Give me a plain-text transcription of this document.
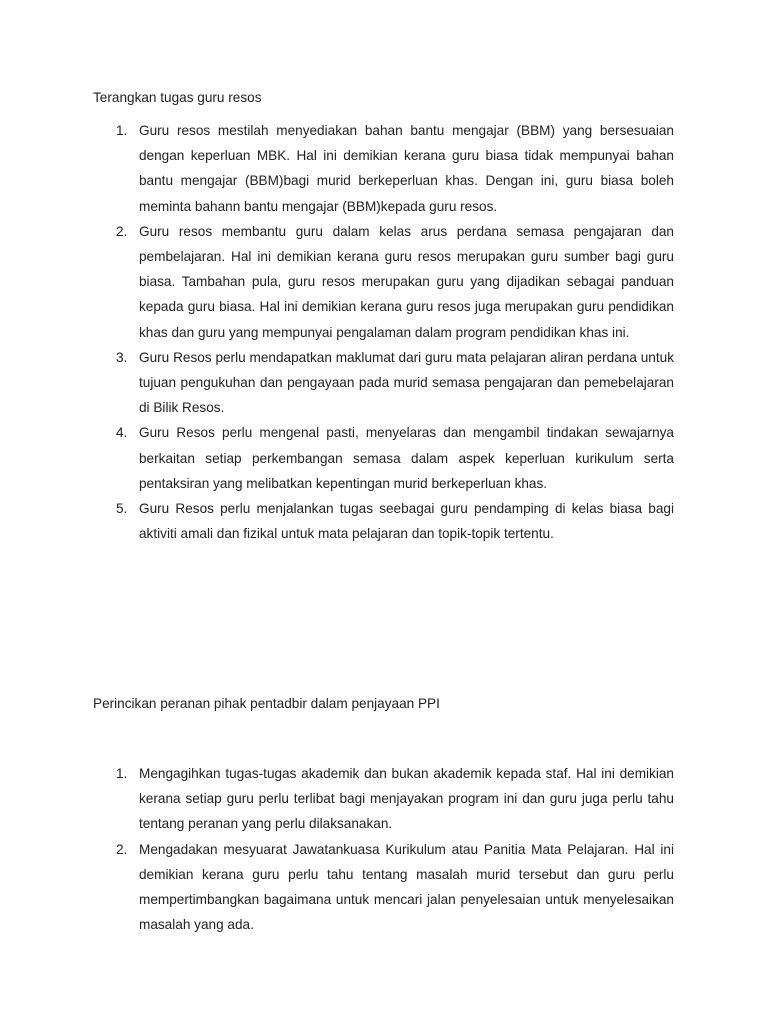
Terangkan tugas guru resos
1. Guru resos mestilah menyediakan bahan bantu mengajar (BBM) yang bersesuaian dengan keperluan MBK. Hal ini demikian kerana guru biasa tidak mempunyai bahan bantu mengajar (BBM)bagi murid berkeperluan khas. Dengan ini, guru biasa boleh meminta bahann bantu mengajar (BBM)kepada guru resos.
2. Guru resos membantu guru dalam kelas arus perdana semasa pengajaran dan pembelajaran. Hal ini demikian kerana guru resos merupakan guru sumber bagi guru biasa. Tambahan pula, guru resos merupakan guru yang dijadikan sebagai panduan kepada guru biasa. Hal ini demikian kerana guru resos juga merupakan guru pendidikan khas dan guru yang mempunyai pengalaman dalam program pendidikan khas ini.
3. Guru Resos perlu mendapatkan maklumat dari guru mata pelajaran aliran perdana untuk tujuan pengukuhan dan pengayaan pada murid semasa pengajaran dan pemebelajaran di Bilik Resos.
4. Guru Resos perlu mengenal pasti, menyelaras dan mengambil tindakan sewajarnya berkaitan setiap perkembangan semasa dalam aspek keperluan kurikulum serta pentaksiran yang melibatkan kepentingan murid berkeperluan khas.
5. Guru Resos perlu menjalankan tugas seebagai guru pendamping di kelas biasa bagi aktiviti amali dan fizikal untuk mata pelajaran dan topik-topik tertentu.
Perincikan peranan pihak pentadbir dalam penjayaan PPI
1. Mengagihkan tugas-tugas akademik dan bukan akademik kepada staf. Hal ini demikian kerana setiap guru perlu terlibat bagi menjayakan program ini dan guru juga perlu tahu tentang peranan yang perlu dilaksanakan.
2. Mengadakan mesyuarat Jawatankuasa Kurikulum atau Panitia Mata Pelajaran. Hal ini demikian kerana guru perlu tahu tentang masalah murid tersebut dan guru perlu mempertimbangkan bagaimana untuk mencari jalan penyelesaian untuk menyelesaikan masalah yang ada.
